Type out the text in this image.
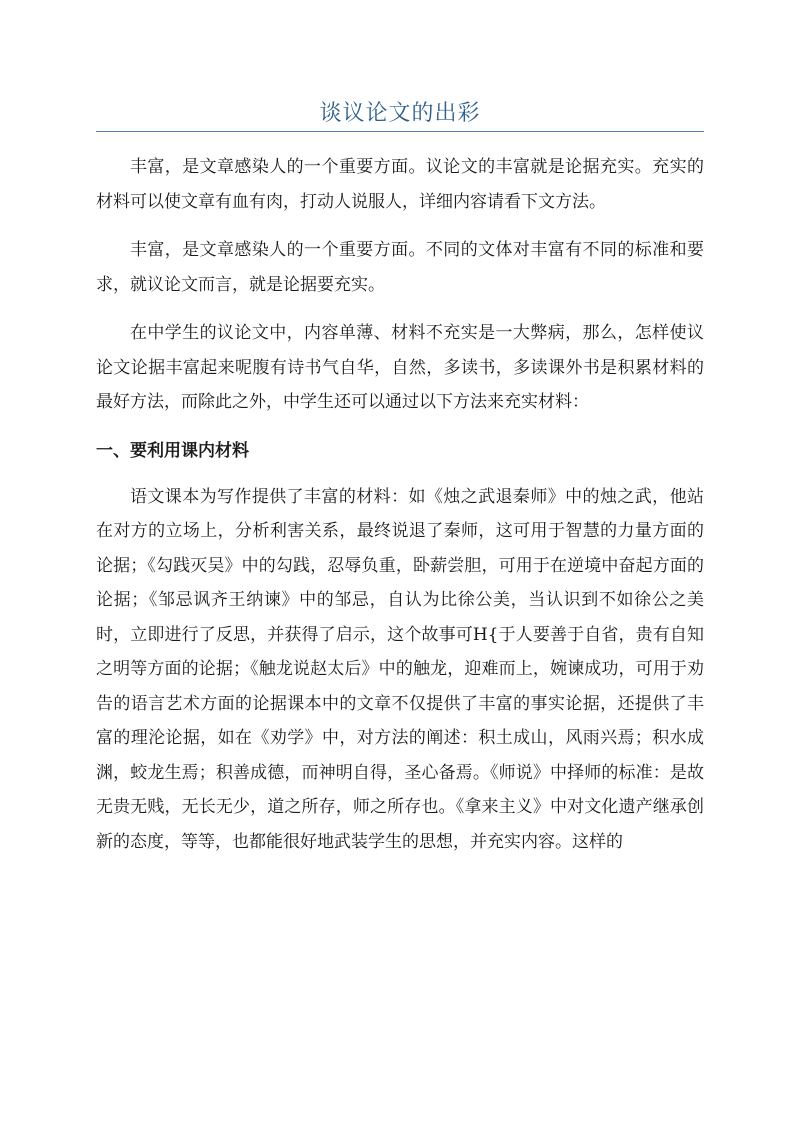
谈议论文的出彩

丰富，是文章感染人的一个重要方面。议论文的丰富就是论据充实。充实的材料可以使文章有血有肉，打动人说服人，详细内容请看下文方法。

丰富，是文章感染人的一个重要方面。不同的文体对丰富有不同的标准和要求，就议论文而言，就是论据要充实。

在中学生的议论文中，内容单薄、材料不充实是一大弊病，那么，怎样使议论文论据丰富起来呢腹有诗书气自华，自然，多读书，多读课外书是积累材料的最好方法，而除此之外，中学生还可以通过以下方法来充实材料：

一、要利用课内材料

语文课本为写作提供了丰富的材料：如《烛之武退秦师》中的烛之武，他站在对方的立场上，分析利害关系，最终说退了秦师，这可用于智慧的力量方面的论据；《勾践灭吴》中的勾践，忍辱负重，卧薪尝胆，可用于在逆境中奋起方面的论据；《邹忌讽齐王纳谏》中的邹忌，自认为比徐公美，当认识到不如徐公之美时，立即进行了反思，并获得了启示，这个故事可H{于人要善于自省，贵有自知之明等方面的论据；《触龙说赵太后》中的触龙，迎难而上，婉谏成功，可用于劝告的语言艺术方面的论据课本中的文章不仅提供了丰富的事实论据，还提供了丰富的理沦论据，如在《劝学》中，对方法的阐述：积土成山，风雨兴焉；积水成渊，蛟龙生焉；积善成德，而神明自得，圣心备焉。《师说》中择师的标准：是故无贵无贱，无长无少，道之所存，师之所存也。《拿来主义》中对文化遗产继承创新的态度，等等，也都能很好地武装学生的思想，并充实内容。这样的
